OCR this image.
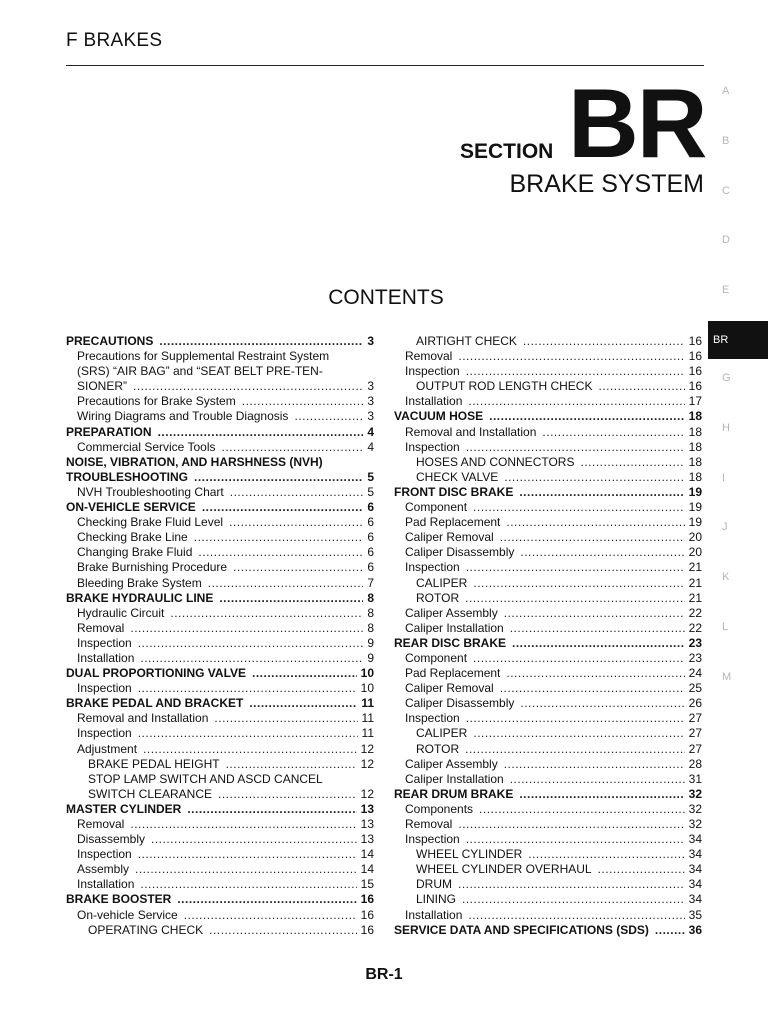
F BRAKES
SECTION BR
BRAKE SYSTEM
CONTENTS
A
B
C
D
E
BR
G
H
I
J
K
L
M
PRECAUTIONS .....	3
Precautions for Supplemental Restraint System
(SRS) “AIR BAG” and “SEAT BELT PRE-TEN-
SIONER” .....	3
Precautions for Brake System .....	3
Wiring Diagrams and Trouble Diagnosis .....	3
PREPARATION .....	4
Commercial Service Tools .....	4
NOISE, VIBRATION, AND HARSHNESS (NVH)
TROUBLESHOOTING .....	5
NVH Troubleshooting Chart .....	5
ON-VEHICLE SERVICE .....	6
Checking Brake Fluid Level .....	6
Checking Brake Line .....	6
Changing Brake Fluid .....	6
Brake Burnishing Procedure .....	6
Bleeding Brake System .....	7
BRAKE HYDRAULIC LINE .....	8
Hydraulic Circuit .....	8
Removal .....	8
Inspection .....	9
Installation .....	9
DUAL PROPORTIONING VALVE .....	10
Inspection .....	10
BRAKE PEDAL AND BRACKET .....	11
Removal and Installation .....	11
Inspection .....	11
Adjustment .....	12
BRAKE PEDAL HEIGHT .....	12
STOP LAMP SWITCH AND ASCD CANCEL
SWITCH CLEARANCE .....	12
MASTER CYLINDER .....	13
Removal .....	13
Disassembly .....	13
Inspection .....	14
Assembly .....	14
Installation .....	15
BRAKE BOOSTER .....	16
On-vehicle Service .....	16
OPERATING CHECK .....	16
AIRTIGHT CHECK .....	16
Removal .....	16
Inspection .....	16
OUTPUT ROD LENGTH CHECK .....	16
Installation .....	17
VACUUM HOSE .....	18
Removal and Installation .....	18
Inspection .....	18
HOSES AND CONNECTORS .....	18
CHECK VALVE .....	18
FRONT DISC BRAKE .....	19
Component .....	19
Pad Replacement .....	19
Caliper Removal .....	20
Caliper Disassembly .....	20
Inspection .....	21
CALIPER .....	21
ROTOR .....	21
Caliper Assembly .....	22
Caliper Installation .....	22
REAR DISC BRAKE .....	23
Component .....	23
Pad Replacement .....	24
Caliper Removal .....	25
Caliper Disassembly .....	26
Inspection .....	27
CALIPER .....	27
ROTOR .....	27
Caliper Assembly .....	28
Caliper Installation .....	31
REAR DRUM BRAKE .....	32
Components .....	32
Removal .....	32
Inspection .....	34
WHEEL CYLINDER .....	34
WHEEL CYLINDER OVERHAUL .....	34
DRUM .....	34
LINING .....	34
Installation .....	35
SERVICE DATA AND SPECIFICATIONS (SDS) .....	36
BR-1
